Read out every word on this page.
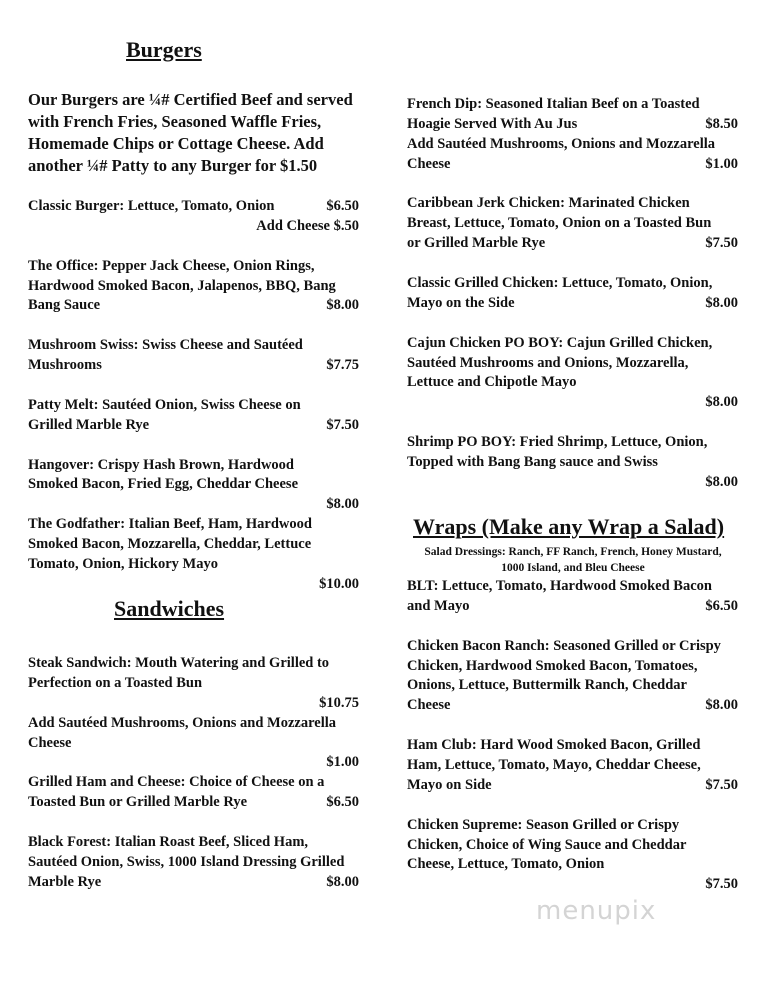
Burgers
Our Burgers are ¼# Certified Beef and served
with French Fries, Seasoned Waffle Fries,
Homemade Chips or Cottage Cheese. Add
another ¼# Patty to any Burger for $1.50
Classic Burger: Lettuce, Tomato, Onion	$6.50
Add Cheese $.50
The Office: Pepper Jack Cheese, Onion Rings,
Hardwood Smoked Bacon, Jalapenos, BBQ, Bang
Bang Sauce	$8.00
Mushroom Swiss: Swiss Cheese and Sautéed
Mushrooms	$7.75
Patty Melt: Sautéed Onion, Swiss Cheese on
Grilled Marble Rye	$7.50
Hangover: Crispy Hash Brown, Hardwood
Smoked Bacon, Fried Egg, Cheddar Cheese
$8.00
The Godfather: Italian Beef, Ham, Hardwood
Smoked Bacon, Mozzarella, Cheddar, Lettuce
Tomato, Onion, Hickory Mayo
$10.00
Sandwiches
Steak Sandwich: Mouth Watering and Grilled to
Perfection on a Toasted Bun
$10.75
Add Sautéed Mushrooms, Onions and Mozzarella
Cheese
$1.00
Grilled Ham and Cheese: Choice of Cheese on a
Toasted Bun or Grilled Marble Rye	$6.50
Black Forest: Italian Roast Beef, Sliced Ham,
Sautéed Onion, Swiss, 1000 Island Dressing Grilled
Marble Rye	$8.00
French Dip: Seasoned Italian Beef on a Toasted
Hoagie Served With Au Jus	$8.50
Add Sautéed Mushrooms, Onions and Mozzarella
Cheese	$1.00
Caribbean Jerk Chicken: Marinated Chicken
Breast, Lettuce, Tomato, Onion on a Toasted Bun
or Grilled Marble Rye	$7.50
Classic Grilled Chicken: Lettuce, Tomato, Onion,
Mayo on the Side	$8.00
Cajun Chicken PO BOY: Cajun Grilled Chicken,
Sautéed Mushrooms and Onions, Mozzarella,
Lettuce and Chipotle Mayo
$8.00
Shrimp PO BOY: Fried Shrimp, Lettuce, Onion,
Topped with Bang Bang sauce and Swiss
$8.00
Wraps (Make any Wrap a Salad)
Salad Dressings: Ranch, FF Ranch, French, Honey Mustard,
1000 Island, and Bleu Cheese
BLT: Lettuce, Tomato, Hardwood Smoked Bacon
and Mayo	$6.50
Chicken Bacon Ranch: Seasoned Grilled or Crispy
Chicken, Hardwood Smoked Bacon, Tomatoes,
Onions, Lettuce, Buttermilk Ranch, Cheddar
Cheese	$8.00
Ham Club: Hard Wood Smoked Bacon, Grilled
Ham, Lettuce, Tomato, Mayo, Cheddar Cheese,
Mayo on Side	$7.50
Chicken Supreme: Season Grilled or Crispy
Chicken, Choice of Wing Sauce and Cheddar
Cheese, Lettuce, Tomato, Onion
$7.50
menupix
